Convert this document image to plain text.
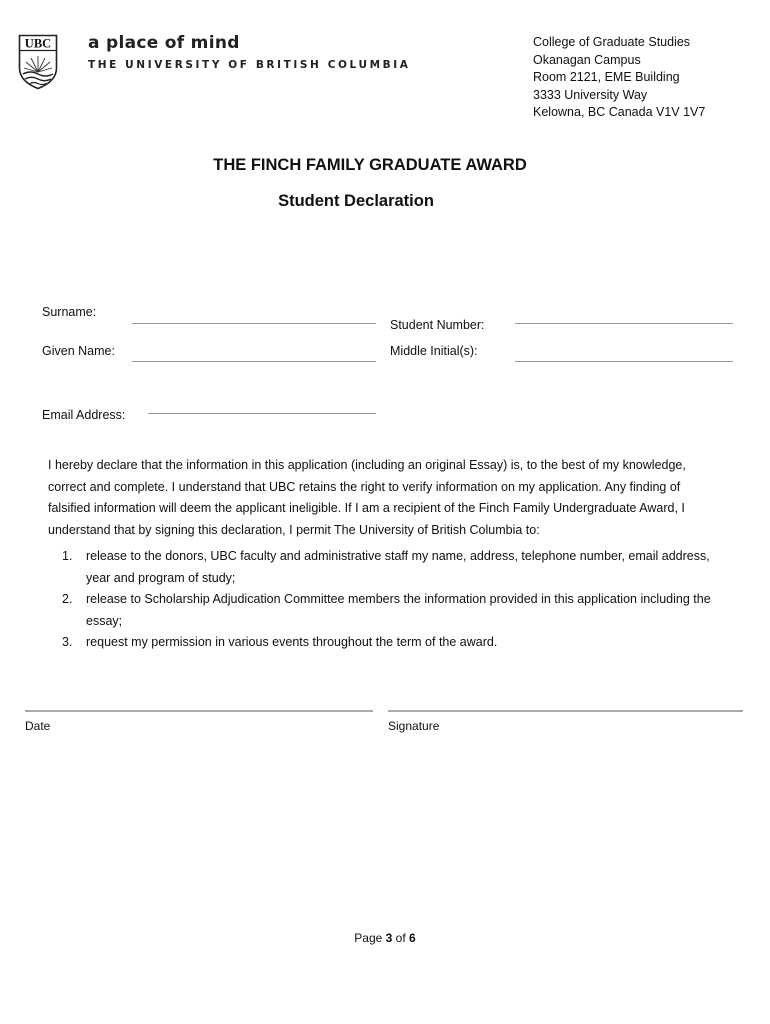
UBC a place of mind
THE UNIVERSITY OF BRITISH COLUMBIA
College of Graduate Studies
Okanagan Campus
Room 2121, EME Building
3333 University Way
Kelowna, BC Canada V1V 1V7
THE FINCH FAMILY GRADUATE AWARD
Student Declaration
Surname:
Student Number:
Given Name:	Middle Initial(s):
Email Address:
I hereby declare that the information in this application (including an original Essay) is, to the best of my knowledge, correct and complete. I understand that UBC retains the right to verify information on my application. Any finding of falsified information will deem the applicant ineligible. If I am a recipient of the Finch Family Undergraduate Award, I understand that by signing this declaration, I permit The University of British Columbia to:
1. release to the donors, UBC faculty and administrative staff my name, address, telephone number, email address, year and program of study;
2. release to Scholarship Adjudication Committee members the information provided in this application including the essay;
3. request my permission in various events throughout the term of the award.
Date	Signature
Page 3 of 6
